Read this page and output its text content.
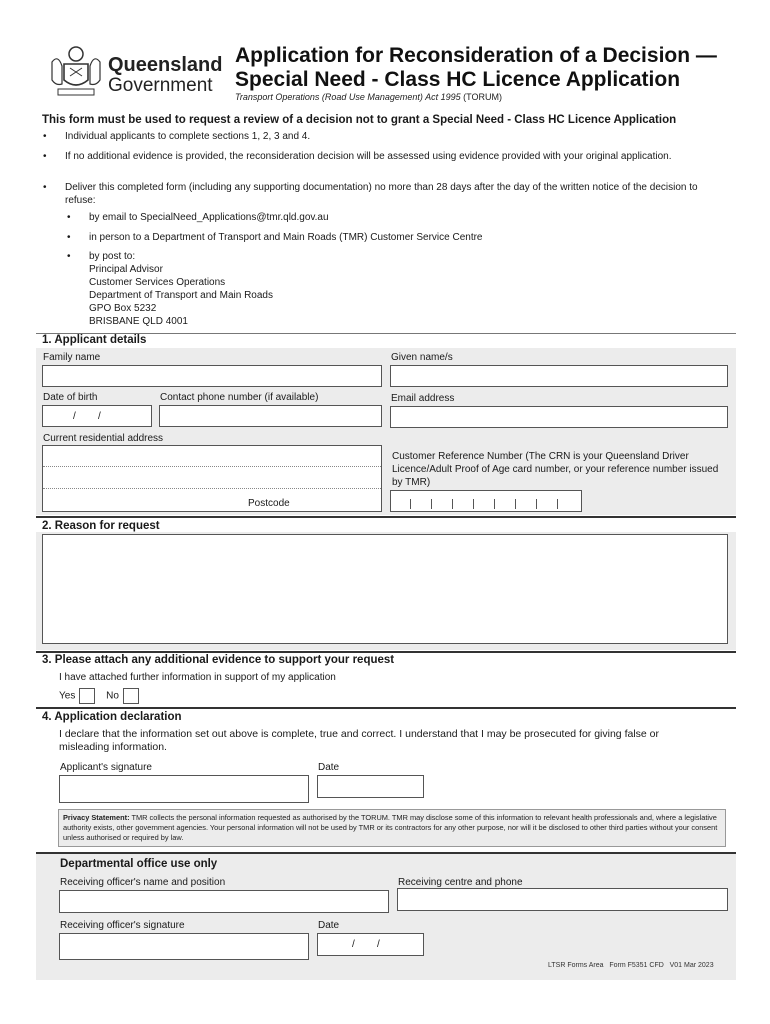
Queensland
Government
Application for Reconsideration of a Decision —
Special Need - Class HC Licence Application
Transport Operations (Road Use Management) Act 1995 (TORUM)
This form must be used to request a review of a decision not to grant a Special Need - Class HC Licence Application
• Individual applicants to complete sections 1, 2, 3 and 4.
• If no additional evidence is provided, the reconsideration decision will be assessed using evidence provided with your original application.
• Deliver this completed form (including any supporting documentation) no more than 28 days after the day of the written notice of the decision to refuse:
• by email to SpecialNeed_Applications@tmr.qld.gov.au
• in person to a Department of Transport and Main Roads (TMR) Customer Service Centre
• by post to:
Principal Advisor
Customer Services Operations
Department of Transport and Main Roads
GPO Box 5232
BRISBANE QLD 4001
1. Applicant details
Family name	Given name/s
Date of birth
/        /
Contact phone number (if available)	Email address
Current residential address
Postcode
Customer Reference Number (The CRN is your Queensland Driver Licence/Adult Proof of Age card number, or your reference number issued by TMR)
2. Reason for request
3. Please attach any additional evidence to support your request
I have attached further information in support of my application
Yes	No
4. Application declaration
I declare that the information set out above is complete, true and correct. I understand that I may be prosecuted for giving false or misleading information.
Applicant's signature	Date
Privacy Statement: TMR collects the personal information requested as authorised by the TORUM. TMR may disclose some of this information to relevant health professionals and, where a legislative authority exists, other government agencies. Your personal information will not be used by TMR or its contractors for any other purpose, nor will it be disclosed to other third parties without your consent unless authorised or required by law.
Departmental office use only
Receiving officer's name and position	Receiving centre and phone
Receiving officer's signature	Date
/        /
LTSR Forms Area   Form F5351 CFD   V01 Mar 2023
